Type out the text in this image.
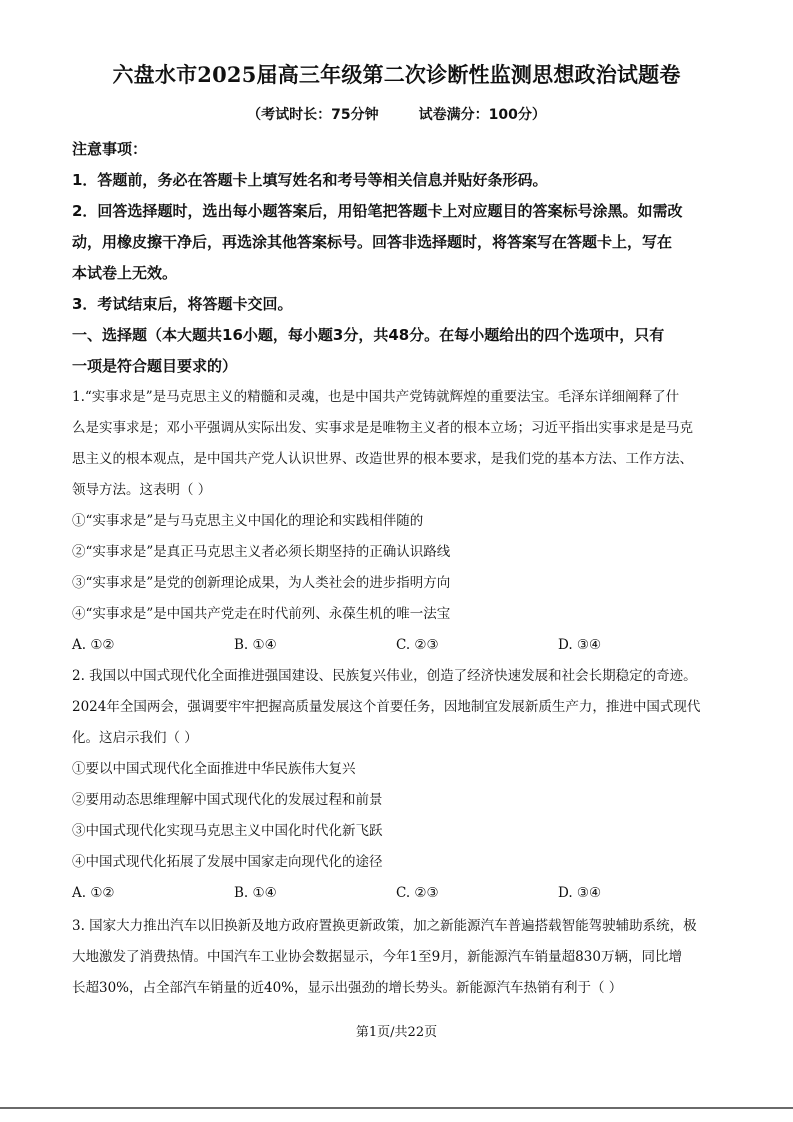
六盘水市2025届高三年级第二次诊断性监测思想政治试题卷
（考试时长：75分钟	试卷满分：100分）
注意事项：
1．答题前，务必在答题卡上填写姓名和考号等相关信息并贴好条形码。
2．回答选择题时，选出每小题答案后，用铅笔把答题卡上对应题目的答案标号涂黑。如需改
动，用橡皮擦干净后，再选涂其他答案标号。回答非选择题时，将答案写在答题卡上，写在
本试卷上无效。
3．考试结束后，将答题卡交回。
一、选择题（本大题共16小题，每小题3分，共48分。在每小题给出的四个选项中，只有
一项是符合题目要求的）
1.“实事求是”是马克思主义的精髓和灵魂，也是中国共产党铸就辉煌的重要法宝。毛泽东详细阐释了什
么是实事求是；邓小平强调从实际出发、实事求是是唯物主义者的根本立场；习近平指出实事求是是马克
思主义的根本观点，是中国共产党人认识世界、改造世界的根本要求，是我们党的基本方法、工作方法、
领导方法。这表明（ ）
①“实事求是”是与马克思主义中国化的理论和实践相伴随的
②“实事求是”是真正马克思主义者必须长期坚持的正确认识路线
③“实事求是”是党的创新理论成果，为人类社会的进步指明方向
④“实事求是”是中国共产党走在时代前列、永葆生机的唯一法宝
A. ①②	B. ①④	C. ②③	D. ③④
2. 我国以中国式现代化全面推进强国建设、民族复兴伟业，创造了经济快速发展和社会长期稳定的奇迹。
2024年全国两会，强调要牢牢把握高质量发展这个首要任务，因地制宜发展新质生产力，推进中国式现代
化。这启示我们（ ）
①要以中国式现代化全面推进中华民族伟大复兴
②要用动态思维理解中国式现代化的发展过程和前景
③中国式现代化实现马克思主义中国化时代化新飞跃
④中国式现代化拓展了发展中国家走向现代化的途径
A. ①②	B. ①④	C. ②③	D. ③④
3. 国家大力推出汽车以旧换新及地方政府置换更新政策，加之新能源汽车普遍搭载智能驾驶辅助系统，极
大地激发了消费热情。中国汽车工业协会数据显示，今年1至9月，新能源汽车销量超830万辆，同比增
长超30%，占全部汽车销量的近40%，显示出强劲的增长势头。新能源汽车热销有利于（ ）
第1页/共22页
